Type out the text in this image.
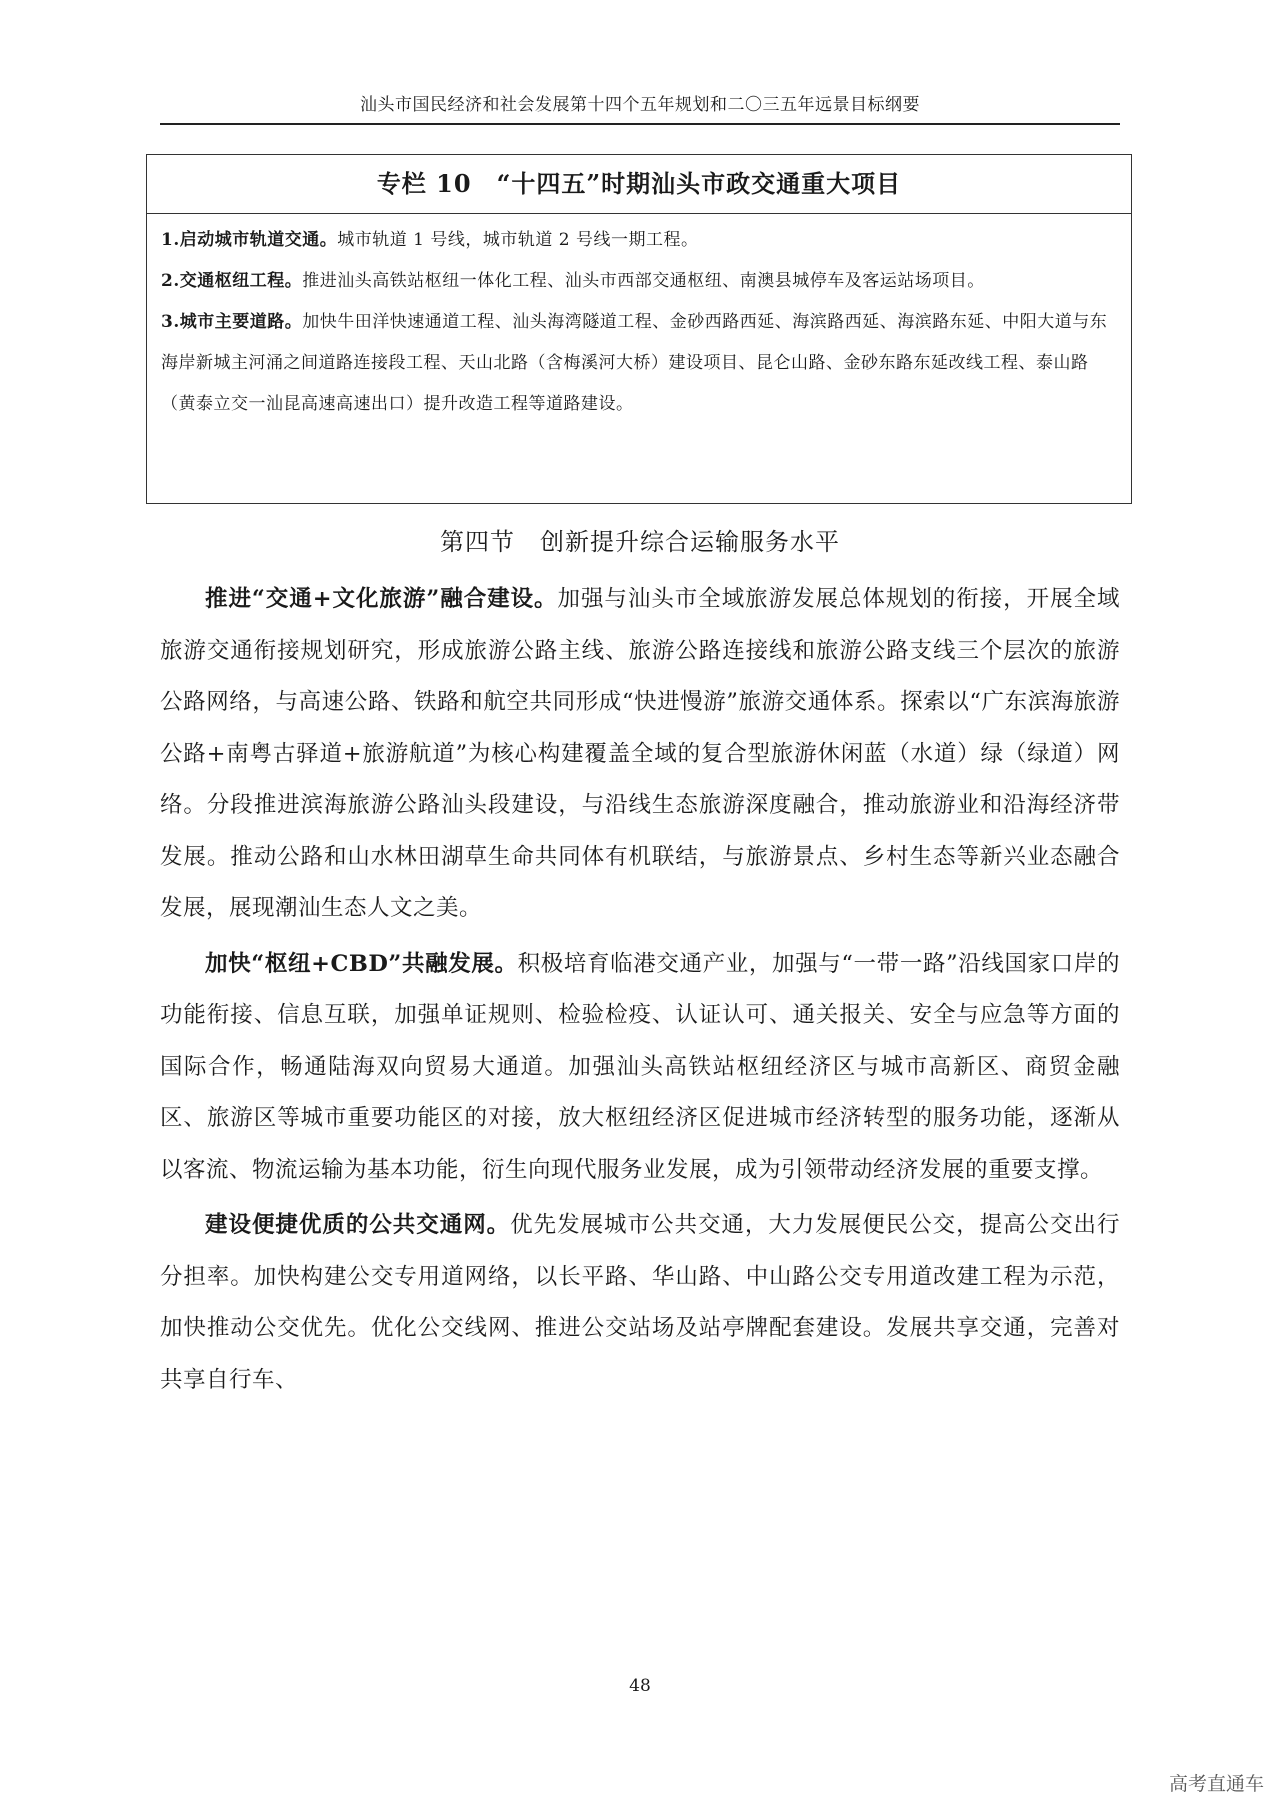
汕头市国民经济和社会发展第十四个五年规划和二〇三五年远景目标纲要
专栏 10　“十四五”时期汕头市政交通重大项目
1.启动城市轨道交通。城市轨道 1 号线，城市轨道 2 号线一期工程。
2.交通枢纽工程。推进汕头高铁站枢纽一体化工程、汕头市西部交通枢纽、南澳县城停车及客运站场项目。
3.城市主要道路。加快牛田洋快速通道工程、汕头海湾隧道工程、金砂西路西延、海滨路西延、海滨路东延、中阳大道与东海岸新城主河涌之间道路连接段工程、天山北路（含梅溪河大桥）建设项目、昆仑山路、金砂东路东延改线工程、泰山路（黄泰立交一汕昆高速高速出口）提升改造工程等道路建设。
第四节　创新提升综合运输服务水平

推进“交通+文化旅游”融合建设。加强与汕头市全域旅游发展总体规划的衔接，开展全域旅游交通衔接规划研究，形成旅游公路主线、旅游公路连接线和旅游公路支线三个层次的旅游公路网络，与高速公路、铁路和航空共同形成“快进慢游”旅游交通体系。探索以“广东滨海旅游公路+南粤古驿道+旅游航道”为核心构建覆盖全域的复合型旅游休闲蓝（水道）绿（绿道）网络。分段推进滨海旅游公路汕头段建设，与沿线生态旅游深度融合，推动旅游业和沿海经济带发展。推动公路和山水林田湖草生命共同体有机联结，与旅游景点、乡村生态等新兴业态融合发展，展现潮汕生态人文之美。

加快“枢纽+CBD”共融发展。积极培育临港交通产业，加强与“一带一路”沿线国家口岸的功能衔接、信息互联，加强单证规则、检验检疫、认证认可、通关报关、安全与应急等方面的国际合作，畅通陆海双向贸易大通道。加强汕头高铁站枢纽经济区与城市高新区、商贸金融区、旅游区等城市重要功能区的对接，放大枢纽经济区促进城市经济转型的服务功能，逐渐从以客流、物流运输为基本功能，衍生向现代服务业发展，成为引领带动经济发展的重要支撑。

建设便捷优质的公共交通网。优先发展城市公共交通，大力发展便民公交，提高公交出行分担率。加快构建公交专用道网络，以长平路、华山路、中山路公交专用道改建工程为示范，加快推动公交优先。优化公交线网、推进公交站场及站亭牌配套建设。发展共享交通，完善对共享自行车、

48
高考直通车
